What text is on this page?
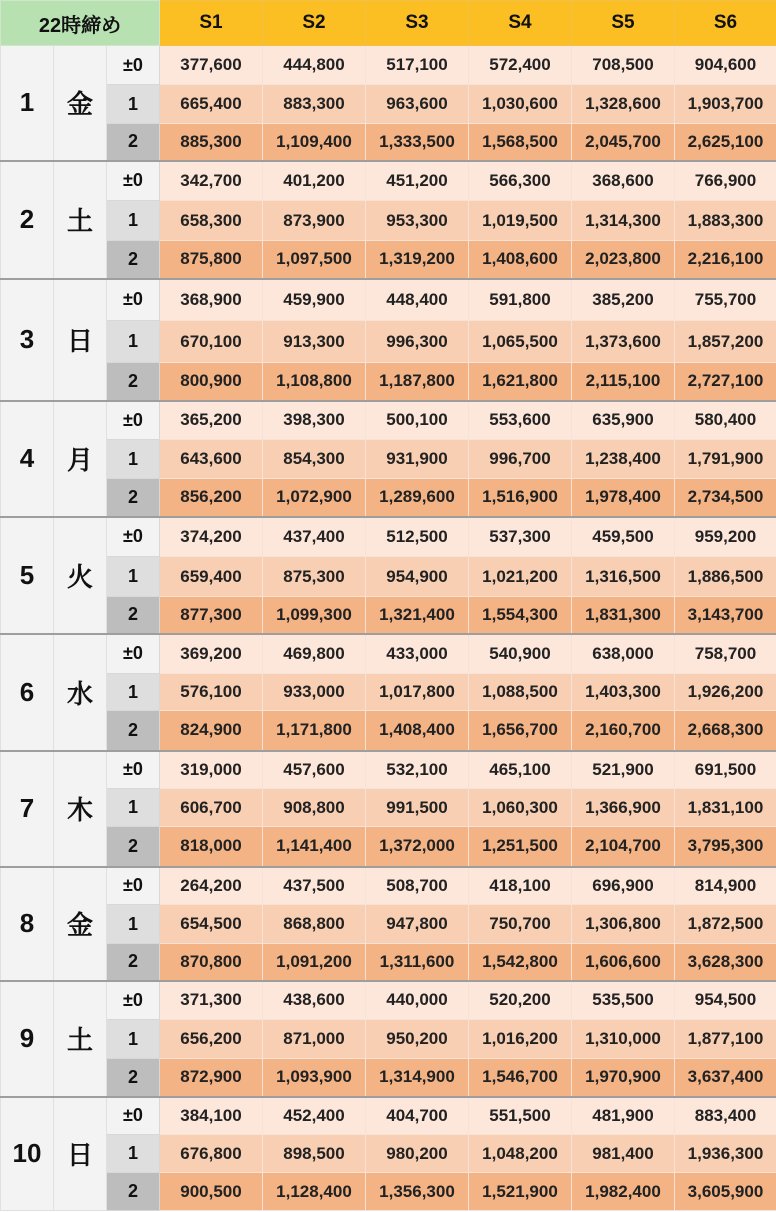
22時締め			S1	S2	S3	S4	S5	S6
1	金	±0	377,600	444,800	517,100	572,400	708,500	904,600
		1	665,400	883,300	963,600	1,030,600	1,328,600	1,903,700
		2	885,300	1,109,400	1,333,500	1,568,500	2,045,700	2,625,100
2	土	±0	342,700	401,200	451,200	566,300	368,600	766,900
		1	658,300	873,900	953,300	1,019,500	1,314,300	1,883,300
		2	875,800	1,097,500	1,319,200	1,408,600	2,023,800	2,216,100
3	日	±0	368,900	459,900	448,400	591,800	385,200	755,700
		1	670,100	913,300	996,300	1,065,500	1,373,600	1,857,200
		2	800,900	1,108,800	1,187,800	1,621,800	2,115,100	2,727,100
4	月	±0	365,200	398,300	500,100	553,600	635,900	580,400
		1	643,600	854,300	931,900	996,700	1,238,400	1,791,900
		2	856,200	1,072,900	1,289,600	1,516,900	1,978,400	2,734,500
5	火	±0	374,200	437,400	512,500	537,300	459,500	959,200
		1	659,400	875,300	954,900	1,021,200	1,316,500	1,886,500
		2	877,300	1,099,300	1,321,400	1,554,300	1,831,300	3,143,700
6	水	±0	369,200	469,800	433,000	540,900	638,000	758,700
		1	576,100	933,000	1,017,800	1,088,500	1,403,300	1,926,200
		2	824,900	1,171,800	1,408,400	1,656,700	2,160,700	2,668,300
7	木	±0	319,000	457,600	532,100	465,100	521,900	691,500
		1	606,700	908,800	991,500	1,060,300	1,366,900	1,831,100
		2	818,000	1,141,400	1,372,000	1,251,500	2,104,700	3,795,300
8	金	±0	264,200	437,500	508,700	418,100	696,900	814,900
		1	654,500	868,800	947,800	750,700	1,306,800	1,872,500
		2	870,800	1,091,200	1,311,600	1,542,800	1,606,600	3,628,300
9	土	±0	371,300	438,600	440,000	520,200	535,500	954,500
		1	656,200	871,000	950,200	1,016,200	1,310,000	1,877,100
		2	872,900	1,093,900	1,314,900	1,546,700	1,970,900	3,637,400
10	日	±0	384,100	452,400	404,700	551,500	481,900	883,400
		1	676,800	898,500	980,200	1,048,200	981,400	1,936,300
		2	900,500	1,128,400	1,356,300	1,521,900	1,982,400	3,605,900
